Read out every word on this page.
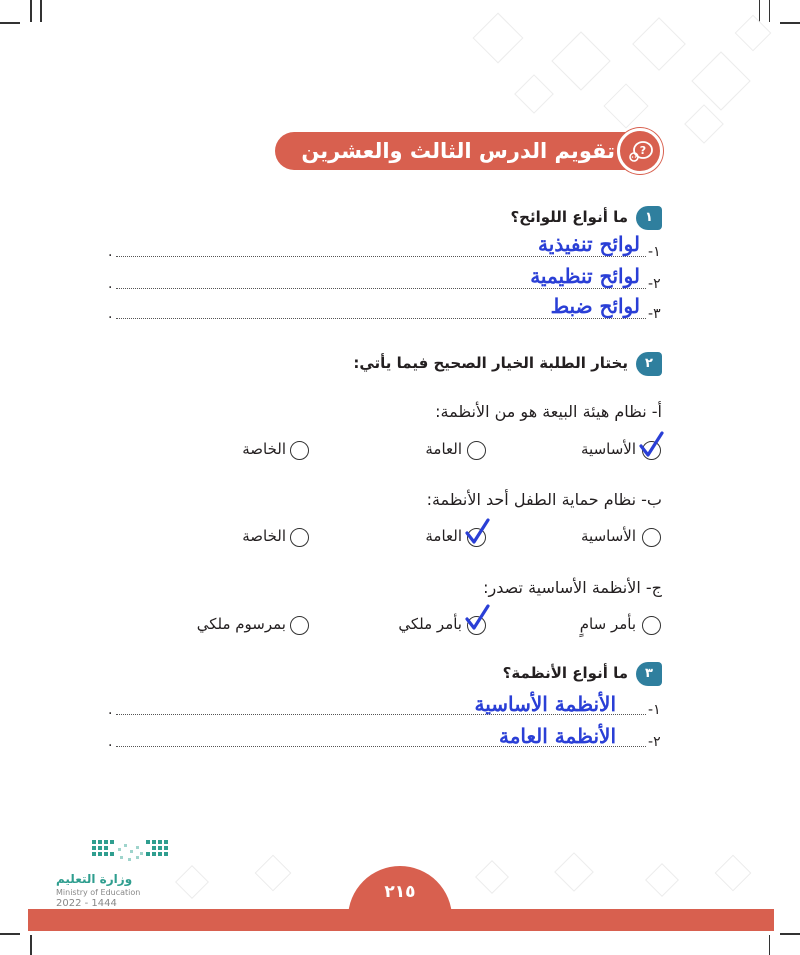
تقويم الدرس الثالث والعشرين ?
١
ما أنواع اللوائح؟
١-
.	لوائح تنفيذية
٢-
.	لوائح تنظيمية
٣-
.	لوائح ضبط
٢
يختار الطلبة الخيار الصحيح فيما يأتي:
أ- نظام هيئة البيعة هو من الأنظمة:
الأساسية
العامة
الخاصة
ب- نظام حماية الطفل أحد الأنظمة:
الأساسية
العامة
الخاصة
ج- الأنظمة الأساسية تصدر:
بأمر سامٍ
بأمر ملكي
بمرسوم ملكي
٣
ما أنواع الأنظمة؟
١-
.	الأنظمة الأساسية
٢-
.	الأنظمة العامة
وزارة التعليم
Ministry of Education
2022 - 1444
٢١٥
